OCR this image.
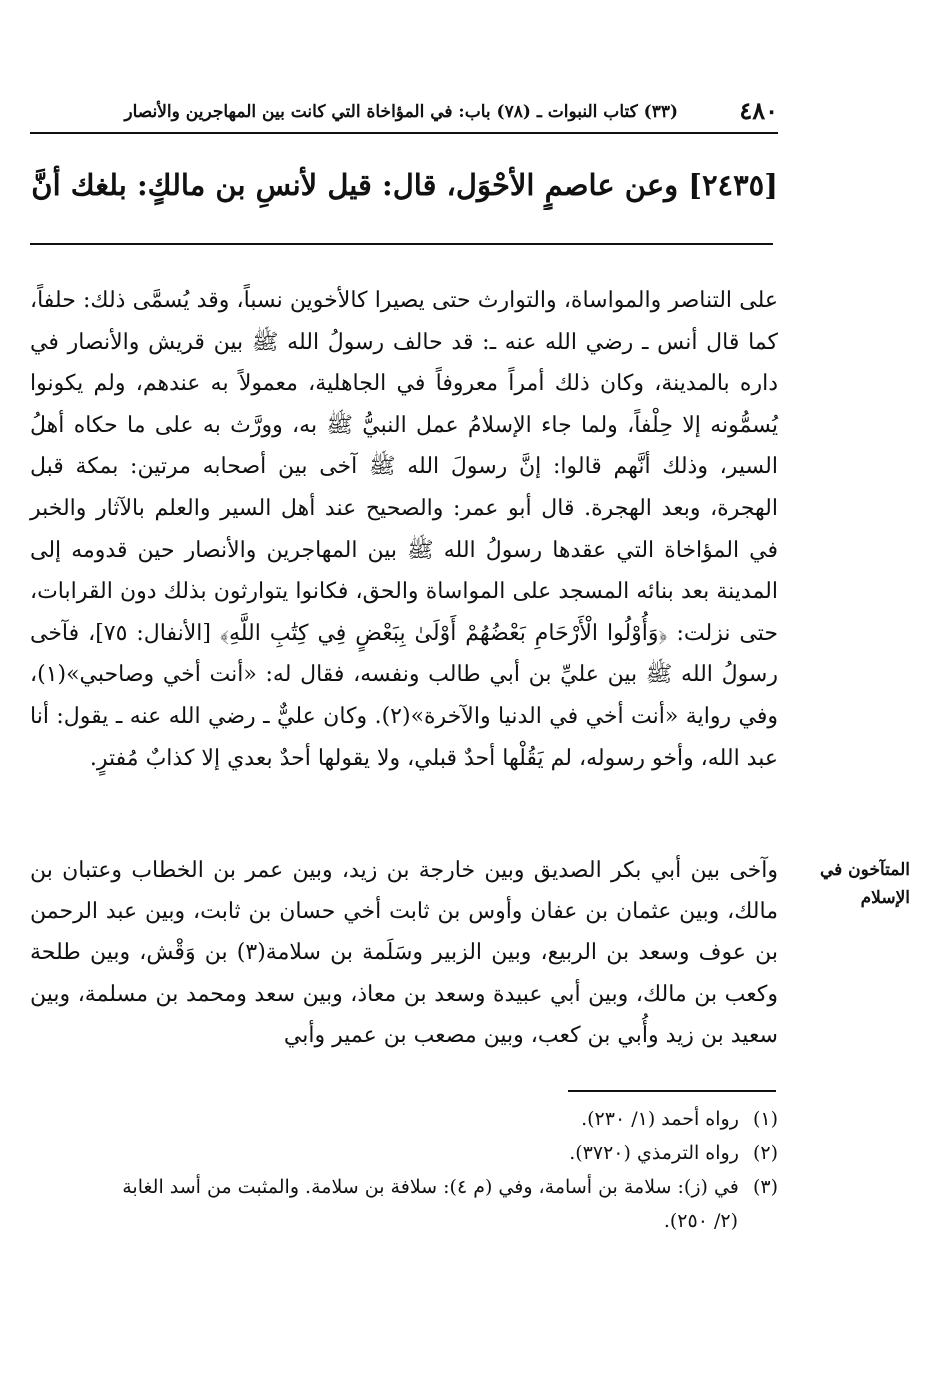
٤٨٠
(٣٣) كتاب النبوات ـ (٧٨) باب: في المؤاخاة التي كانت بين المهاجرين والأنصار
[٢٤٣٥] وعن عاصمٍ الأحْوَل، قال: قيل لأنسِ بن مالكٍ: بلغك أنَّ

على التناصر والمواساة، والتوارث حتى يصيرا كالأخوين نسباً، وقد يُسمَّى ذلك: حلفاً، كما قال أنس ـ رضي الله عنه ـ: قد حالف رسولُ الله ﷺ بين قريش والأنصار في داره بالمدينة، وكان ذلك أمراً معروفاً في الجاهلية، معمولاً به عندهم، ولم يكونوا يُسمُّونه إلا حِلْفاً، ولما جاء الإسلامُ عمل النبيُّ ﷺ به، وورَّث به على ما حكاه أهلُ السير، وذلك أنَّهم قالوا: إنَّ رسولَ الله ﷺ آخى بين أصحابه مرتين: بمكة قبل الهجرة، وبعد الهجرة. قال أبو عمر: والصحيح عند أهل السير والعلم بالآثار والخبر في المؤاخاة التي عقدها رسولُ الله ﷺ بين المهاجرين والأنصار حين قدومه إلى المدينة بعد بنائه المسجد على المواساة والحق، فكانوا يتوارثون بذلك دون القرابات، حتى نزلت: ﴿وَأُوْلُوا الْأَرْحَامِ بَعْضُهُمْ أَوْلَىٰ بِبَعْضٍ فِي كِتَٰبِ اللَّهِ﴾ [الأنفال: ٧٥]، فآخى رسولُ الله ﷺ بين عليِّ بن أبي طالب ونفسه، فقال له: «أنت أخي وصاحبي»(١)، وفي رواية «أنت أخي في الدنيا والآخرة»(٢). وكان عليٌّ ـ رضي الله عنه ـ يقول: أنا عبد الله، وأخو رسوله، لم يَقُلْها أحدٌ قبلي، ولا يقولها أحدٌ بعدي إلا كذابٌ مُفترٍ.

المتآخون في
الإسلام
وآخى بين أبي بكر الصديق وبين خارجة بن زيد، وبين عمر بن الخطاب وعتبان بن مالك، وبين عثمان بن عفان وأوس بن ثابت أخي حسان بن ثابت، وبين عبد الرحمن بن عوف وسعد بن الربيع، وبين الزبير وسَلَمة بن سلامة(٣) بن وَقْش، وبين طلحة وكعب بن مالك، وبين أبي عبيدة وسعد بن معاذ، وبين سعد ومحمد بن مسلمة، وبين سعيد بن زيد وأُبي بن كعب، وبين مصعب بن عمير وأبي

(١) رواه أحمد (١/ ٢٣٠).

(٢) رواه الترمذي (٣٧٢٠).

(٣) في (ز): سلامة بن أسامة، وفي (م ٤): سلافة بن سلامة. والمثبت من أسد الغابة

(٢/ ٢٥٠).
